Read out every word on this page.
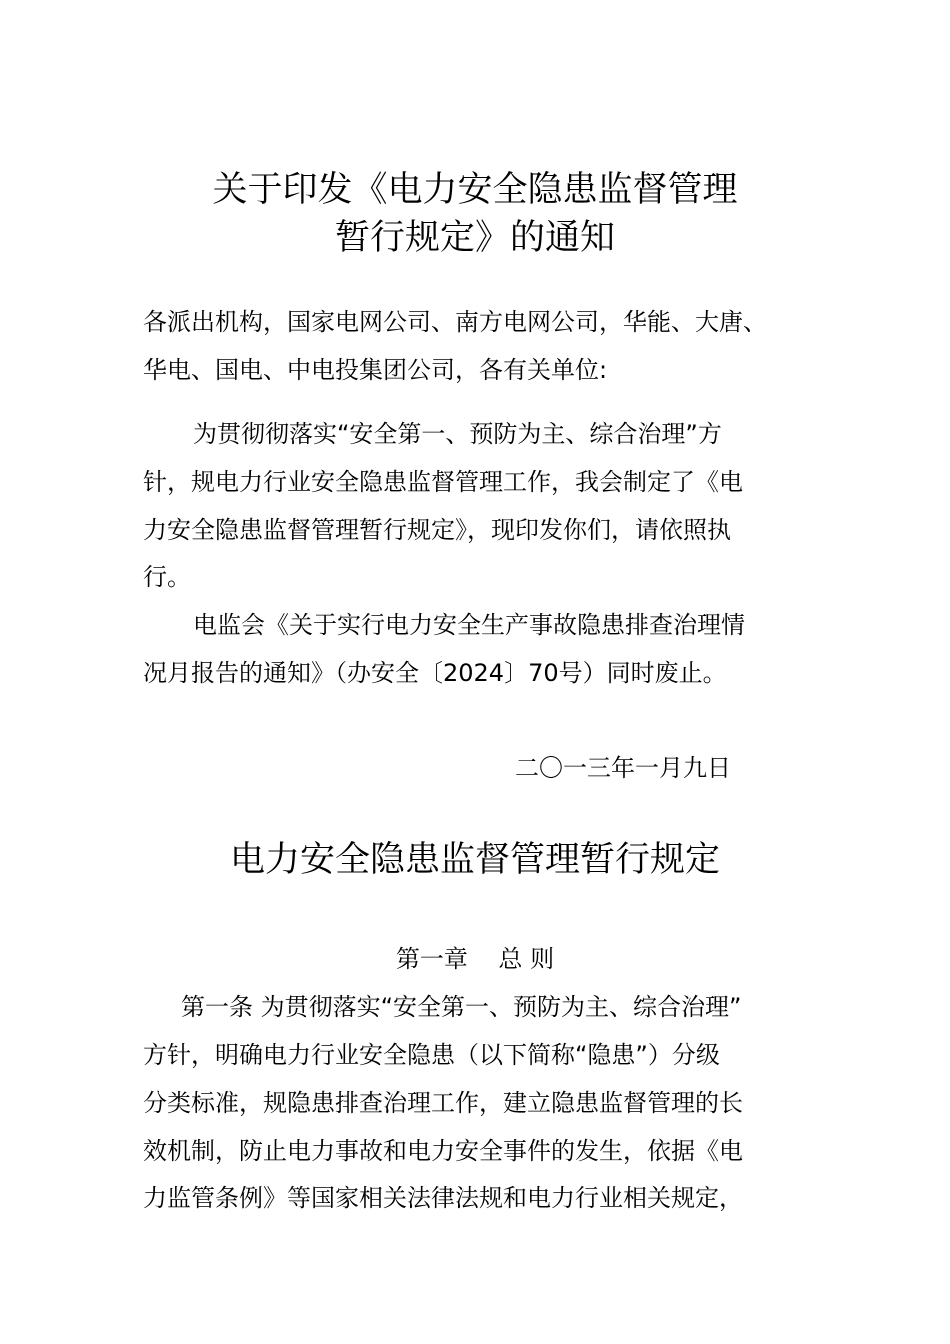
关于印发《电力安全隐患监督管理
暂行规定》的通知

各派出机构，国家电网公司、南方电网公司，华能、大唐、

华电、国电、中电投集团公司，各有关单位:

为贯彻彻落实“安全第一、预防为主、综合治理”方

针，规电力行业安全隐患监督管理工作，我会制定了《电

力安全隐患监督管理暂行规定》，现印发你们，请依照执

行。

电监会《关于实行电力安全生产事故隐患排查治理情

况月报告的通知》（办安全〔2024〕70号）同时废止。

二〇一三年一月九日
电力安全隐患监督管理暂行规定
第一章    总 则

第一条 为贯彻落实“安全第一、预防为主、综合治理”

方针，明确电力行业安全隐患（以下简称“隐患”）分级

分类标准，规隐患排查治理工作，建立隐患监督管理的长

效机制，防止电力事故和电力安全事件的发生，依据《电

力监管条例》等国家相关法律法规和电力行业相关规定，
